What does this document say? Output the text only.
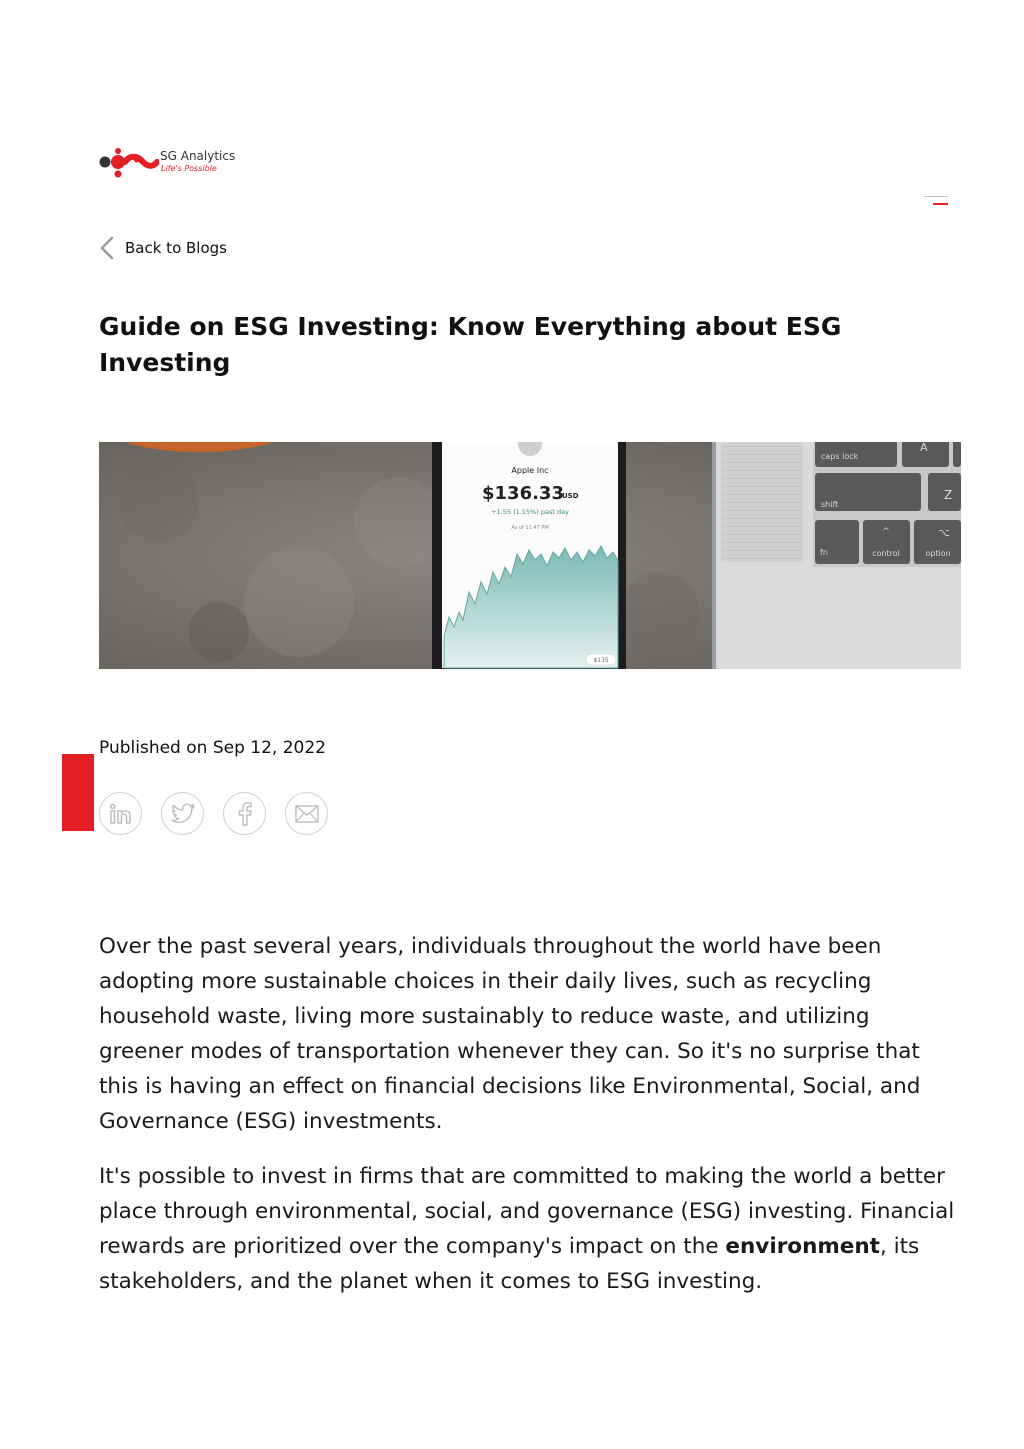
SG Analytics
Life's Possible
Back to Blogs
Guide on ESG Investing: Know Everything about ESG Investing
Apple Inc
$136.33
USD
+1.55 (1.15%) past day
As of 11:47 PM
$135
caps lock
A
shift
Z
fn
^
control
⌥
option
Published on Sep 12, 2022

Over the past several years, individuals throughout the world have been adopting more sustainable choices in their daily lives, such as recycling household waste, living more sustainably to reduce waste, and utilizing greener modes of transportation whenever they can. So it's no surprise that this is having an effect on financial decisions like Environmental, Social, and Governance (ESG) investments.

It's possible to invest in firms that are committed to making the world a better place through environmental, social, and governance (ESG) investing. Financial rewards are prioritized over the company's impact on the environment, its stakeholders, and the planet when it comes to ESG investing.
